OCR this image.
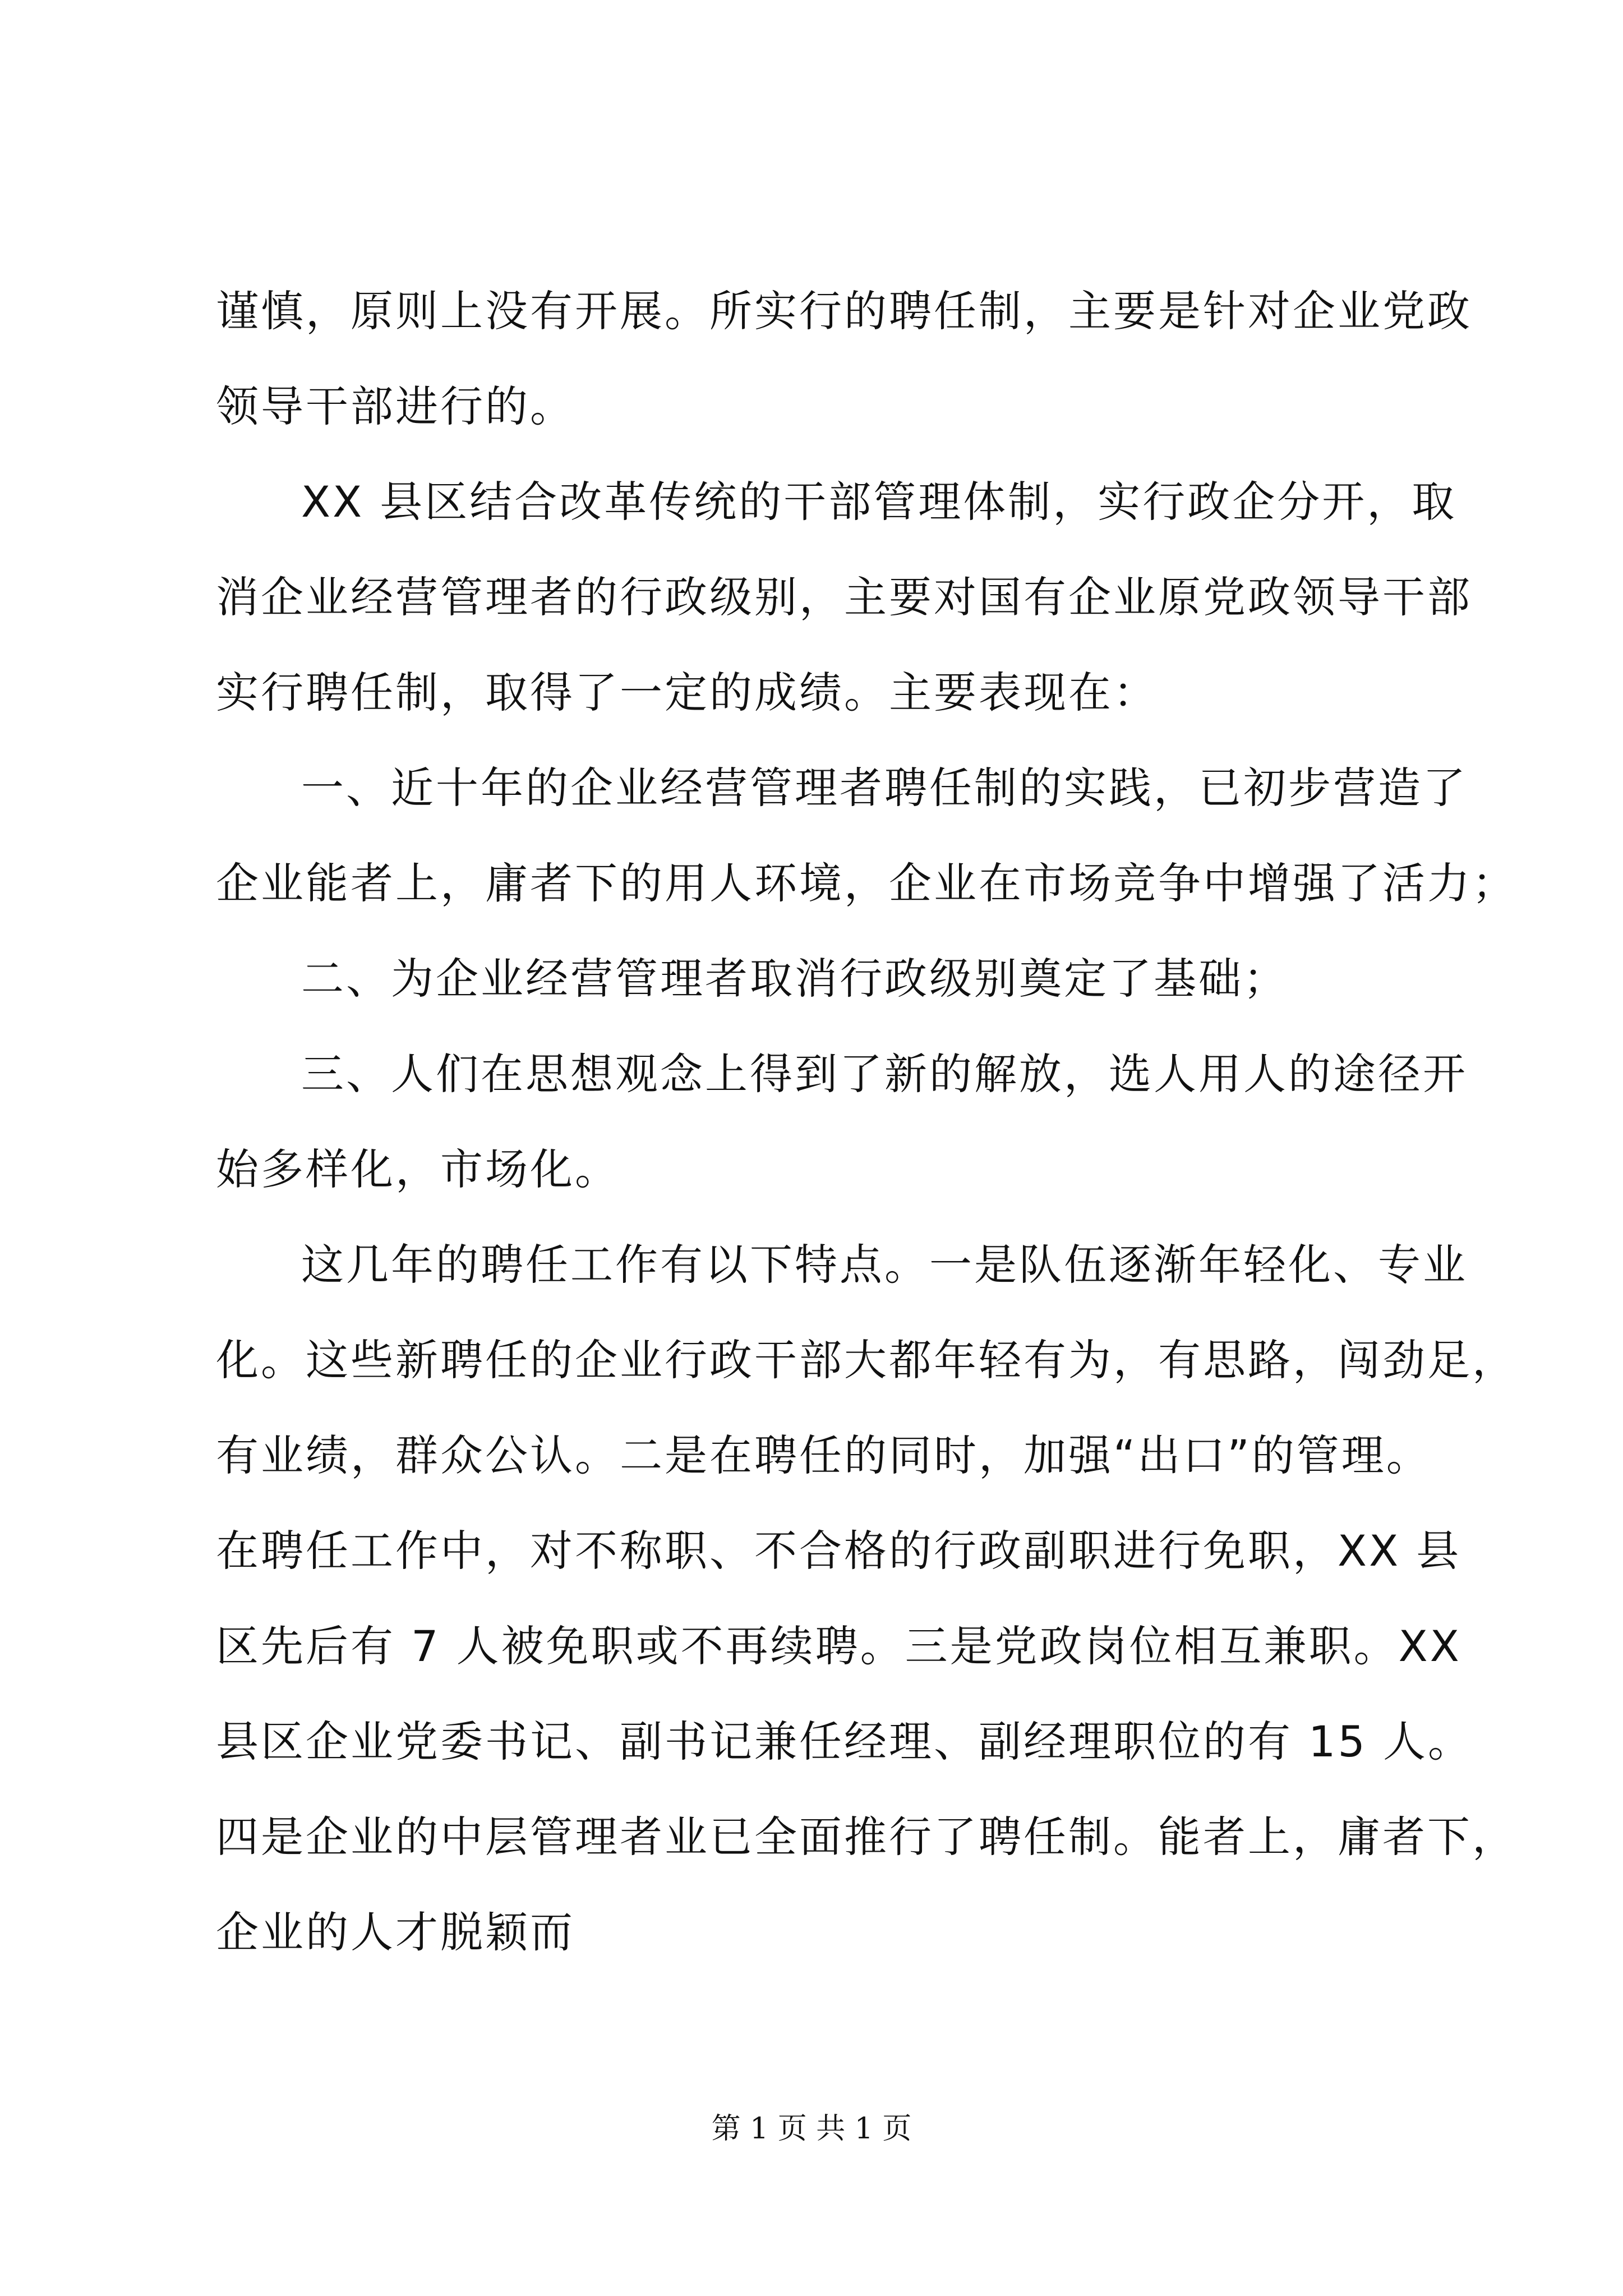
谨慎，原则上没有开展。所实行的聘任制，主要是针对企业党政
领导干部进行的。
XX 县区结合改革传统的干部管理体制，实行政企分开，取
消企业经营管理者的行政级别，主要对国有企业原党政领导干部
实行聘任制，取得了一定的成绩。主要表现在：
一、近十年的企业经营管理者聘任制的实践，已初步营造了
企业能者上，庸者下的用人环境，企业在市场竞争中增强了活力；
二、为企业经营管理者取消行政级别奠定了基础；
三、人们在思想观念上得到了新的解放，选人用人的途径开
始多样化，市场化。
这几年的聘任工作有以下特点。一是队伍逐渐年轻化、专业
化。这些新聘任的企业行政干部大都年轻有为，有思路，闯劲足，
有业绩，群众公认。二是在聘任的同时，加强“出口”的管理。
在聘任工作中，对不称职、不合格的行政副职进行免职，XX 县
区先后有 7 人被免职或不再续聘。三是党政岗位相互兼职。XX
县区企业党委书记、副书记兼任经理、副经理职位的有 15 人。
四是企业的中层管理者业已全面推行了聘任制。能者上，庸者下，
企业的人才脱颖而
第 1 页 共 1 页
